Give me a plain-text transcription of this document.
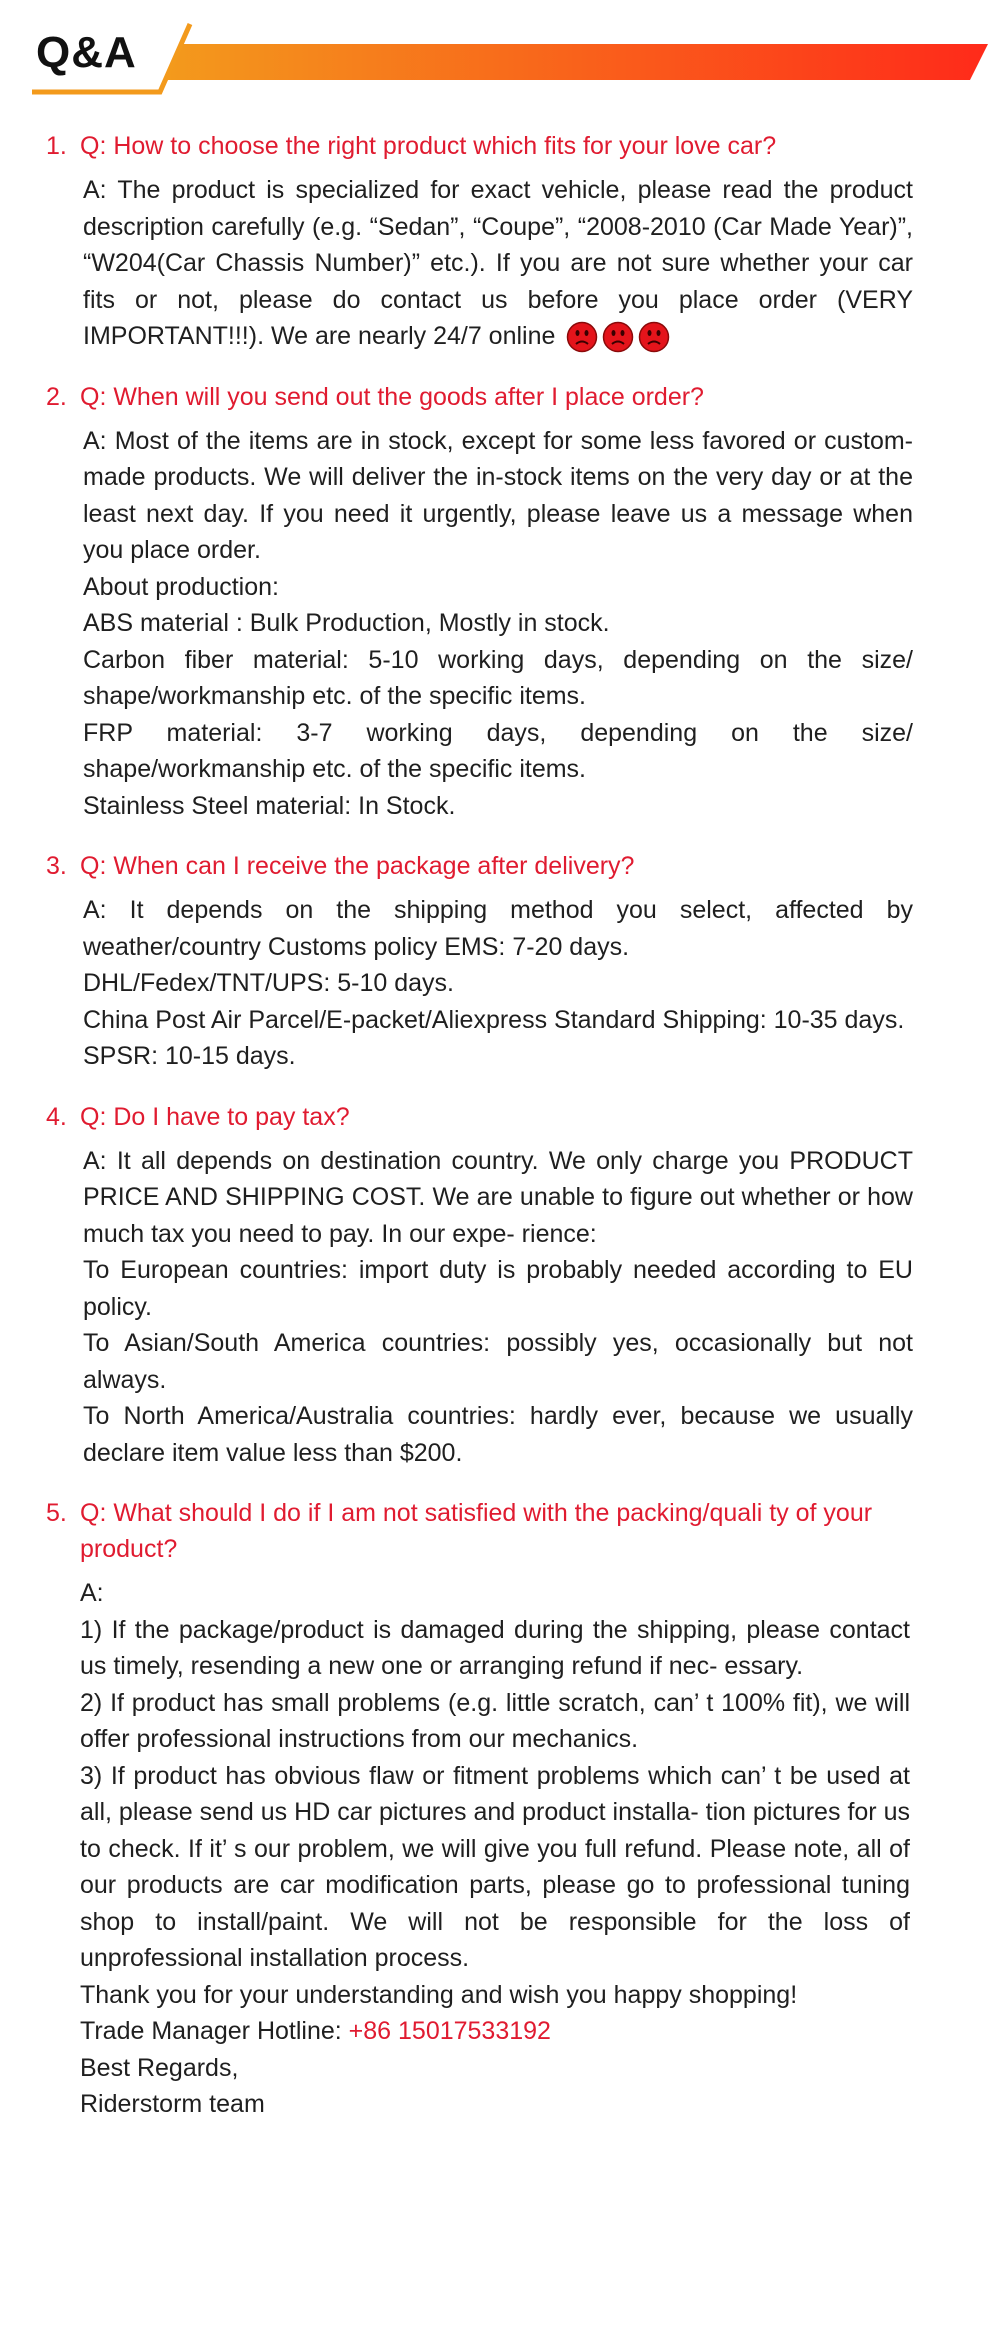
Q&A
1. Q: How to choose the right product which fits for your love car?

A: The product is specialized for exact vehicle, please read the product description carefully (e.g. “Sedan”, “Coupe”, “2008-2010 (Car Made Year)”, “W204(Car Chassis Number)” etc.). If you are not sure whether your car fits or not, please do contact us before you place order (VERY IMPORTANT!!!). We are nearly 24/7 online

2. Q: When will you send out the goods after I place order?

A: Most of the items are in stock, except for some less favored or custom-made products. We will deliver the in-stock items on the very day or at the least next day. If you need it urgently, please leave us a message when you place order.

About production:

ABS material : Bulk Production, Mostly in stock.

Carbon fiber material: 5-10 working days, depending on the size/ shape/workmanship etc. of the specific items.

FRP material: 3-7 working days, depending on the size/ shape/workmanship etc. of the specific items.

Stainless Steel material: In Stock.

3. Q: When can I receive the package after delivery?

A: It depends on the shipping method you select, affected by weather/country Customs policy EMS: 7-20 days.

DHL/Fedex/TNT/UPS: 5-10 days.

China Post Air Parcel/E-packet/Aliexpress Standard Shipping: 10-35 days.

SPSR: 10-15 days.

4. Q: Do I have to pay tax?

A: It all depends on destination country. We only charge you PRODUCT PRICE AND SHIPPING COST. We are unable to figure out whether or how much tax you need to pay. In our expe- rience:

To European countries: import duty is probably needed according to EU policy.

To Asian/South America countries: possibly yes, occasionally but not always.

To North America/Australia countries: hardly ever, because we usually declare item value less than $200.

5. Q: What should I do if I am not satisfied with the packing/quali ty of your product?

A:

1) If the package/product is damaged during the shipping, please contact us timely, resending a new one or arranging refund if nec- essary.

2) If product has small problems (e.g. little scratch, can’ t 100% fit), we will offer professional instructions from our mechanics.

3) If product has obvious flaw or fitment problems which can’ t be used at all, please send us HD car pictures and product installa- tion pictures for us to check. If it’ s our problem, we will give you full refund. Please note, all of our products are car modification parts, please go to professional tuning shop to install/paint. We will not be responsible for the loss of unprofessional installation process.

Thank you for your understanding and wish you happy shopping!

Trade Manager Hotline: +86 15017533192

Best Regards,

Riderstorm team
